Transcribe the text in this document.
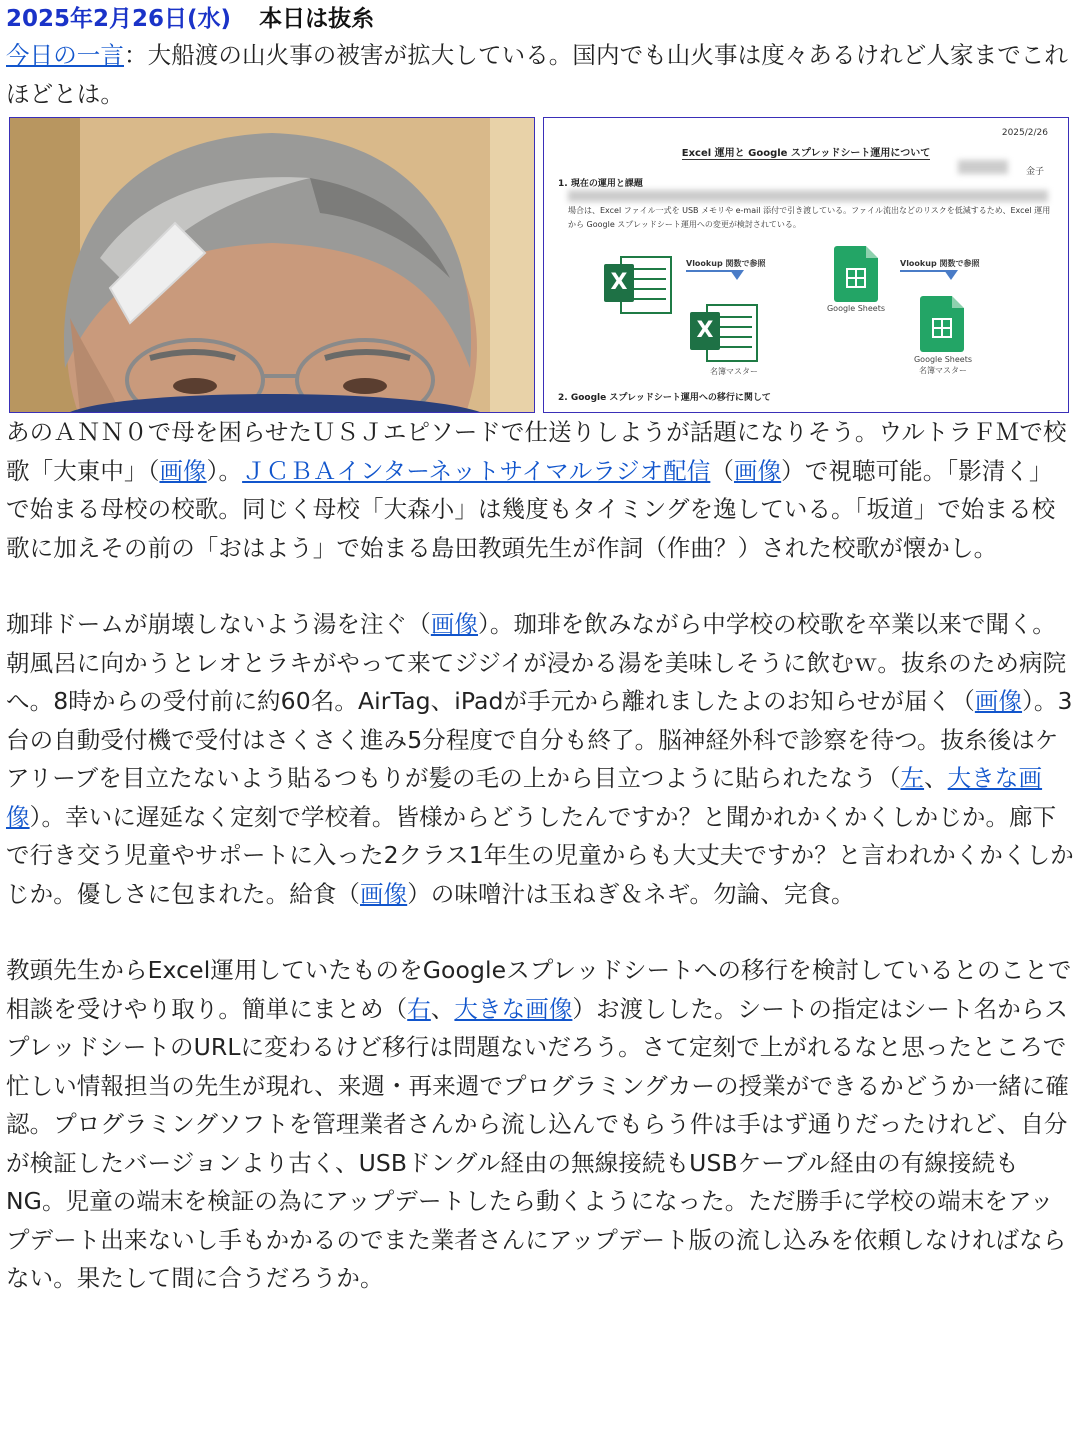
2025年2月26日(水) 本日は抜糸

今日の一言：大船渡の山火事の被害が拡大している。国内でも山火事は度々あるけれど人家までこれほどとは。

2025/2/26
Excel 運用と Google スプレッドシート運用について
金子
1. 現在の運用と課題
場合は、Excel ファイル一式を USB メモリや e-mail 添付で引き渡している。ファイル流出などのリスクを低減するため、Excel 運用から Google スプレッドシート運用への変更が検討されている。
X
Vlookup 関数で参照
X
名簿マスター
Google Sheets
Vlookup 関数で参照
Google Sheets
名簿マスター
2. Google スプレッドシート運用への移行に関して

あのＡＮＮ０で母を困らせたＵＳＪエピソードで仕送りしようが話題になりそう。ウルトラＦＭで校歌「大東中」（画像）。ＪＣＢＡインターネットサイマルラジオ配信（画像）で視聴可能。「影清く」で始まる母校の校歌。同じく母校「大森小」は幾度もタイミングを逸している。「坂道」で始まる校歌に加えその前の「おはよう」で始まる島田教頭先生が作詞（作曲？）された校歌が懐かし。

珈琲ドームが崩壊しないよう湯を注ぐ（画像）。珈琲を飲みながら中学校の校歌を卒業以来で聞く。朝風呂に向かうとレオとラキがやって来てジジイが浸かる湯を美味しそうに飲むｗ。抜糸のため病院へ。8時からの受付前に約60名。AirTag、iPadが手元から離れましたよのお知らせが届く（画像）。3台の自動受付機で受付はさくさく進み5分程度で自分も終了。脳神経外科で診察を待つ。抜糸後はケアリーブを目立たないよう貼るつもりが髪の毛の上から目立つように貼られたなう（左、大きな画像）。幸いに遅延なく定刻で学校着。皆様からどうしたんですか？と聞かれかくかくしかじか。廊下で行き交う児童やサポートに入った2クラス1年生の児童からも大丈夫ですか？と言われかくかくしかじか。優しさに包まれた。給食（画像）の味噌汁は玉ねぎ＆ネギ。勿論、完食。

教頭先生からExcel運用していたものをGoogleスプレッドシートへの移行を検討しているとのことで相談を受けやり取り。簡単にまとめ（右、大きな画像）お渡しした。シートの指定はシート名からスプレッドシートのURLに変わるけど移行は問題ないだろう。さて定刻で上がれるなと思ったところで忙しい情報担当の先生が現れ、来週・再来週でプログラミングカーの授業ができるかどうか一緒に確認。プログラミングソフトを管理業者さんから流し込んでもらう件は手はず通りだったけれど、自分が検証したバージョンより古く、USBドングル経由の無線接続もUSBケーブル経由の有線接続もNG。児童の端末を検証の為にアップデートしたら動くようになった。ただ勝手に学校の端末をアップデート出来ないし手もかかるのでまた業者さんにアップデート版の流し込みを依頼しなければならない。果たして間に合うだろうか。
